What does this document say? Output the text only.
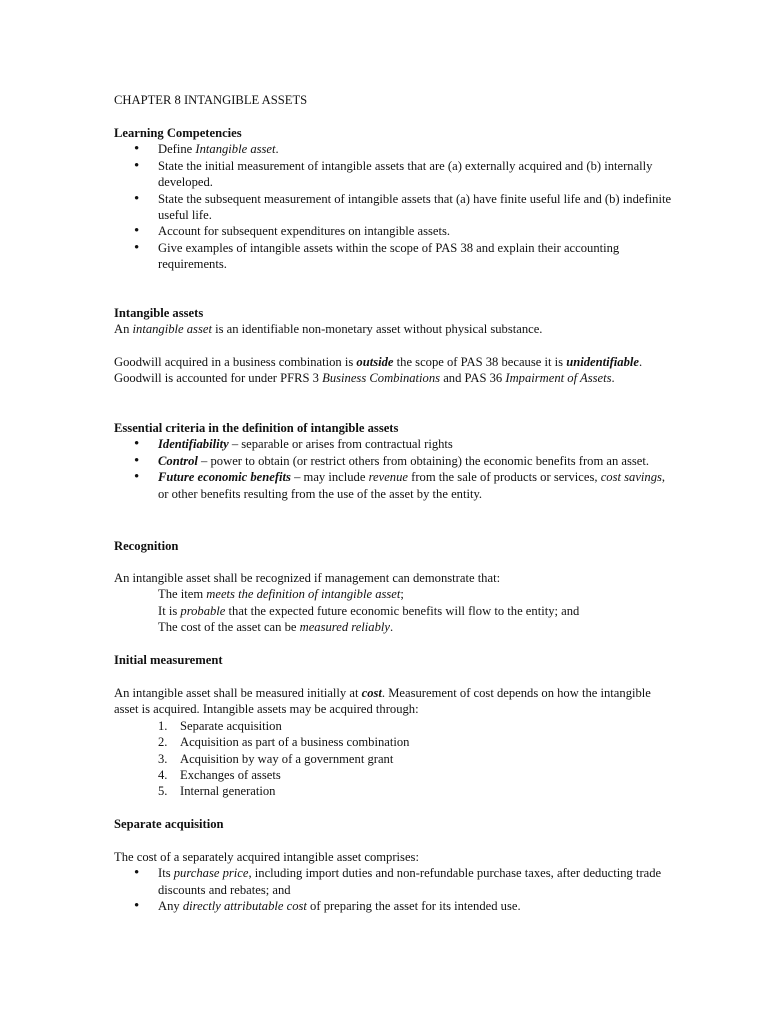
CHAPTER 8 INTANGIBLE ASSETS

Learning Competencies

• Define Intangible asset.
• State the initial measurement of intangible assets that are (a) externally acquired and (b) internally developed.
• State the subsequent measurement of intangible assets that (a) have finite useful life and (b) indefinite useful life.
• Account for subsequent expenditures on intangible assets.
• Give examples of intangible assets within the scope of PAS 38 and explain their accounting requirements.

Intangible assets

An intangible asset is an identifiable non-monetary asset without physical substance.

Goodwill acquired in a business combination is outside the scope of PAS 38 because it is unidentifiable. Goodwill is accounted for under PFRS 3 Business Combinations and PAS 36 Impairment of Assets.

Essential criteria in the definition of intangible assets

• Identifiability – separable or arises from contractual rights
• Control – power to obtain (or restrict others from obtaining) the economic benefits from an asset.
• Future economic benefits – may include revenue from the sale of products or services, cost savings, or other benefits resulting from the use of the asset by the entity.

Recognition

An intangible asset shall be recognized if management can demonstrate that:

The item meets the definition of intangible asset;

It is probable that the expected future economic benefits will flow to the entity; and

The cost of the asset can be measured reliably.

Initial measurement

An intangible asset shall be measured initially at cost. Measurement of cost depends on how the intangible asset is acquired. Intangible assets may be acquired through:

1. Separate acquisition
2. Acquisition as part of a business combination
3. Acquisition by way of a government grant
4. Exchanges of assets
5. Internal generation

Separate acquisition

The cost of a separately acquired intangible asset comprises:

• Its purchase price, including import duties and non-refundable purchase taxes, after deducting trade discounts and rebates; and
• Any directly attributable cost of preparing the asset for its intended use.
